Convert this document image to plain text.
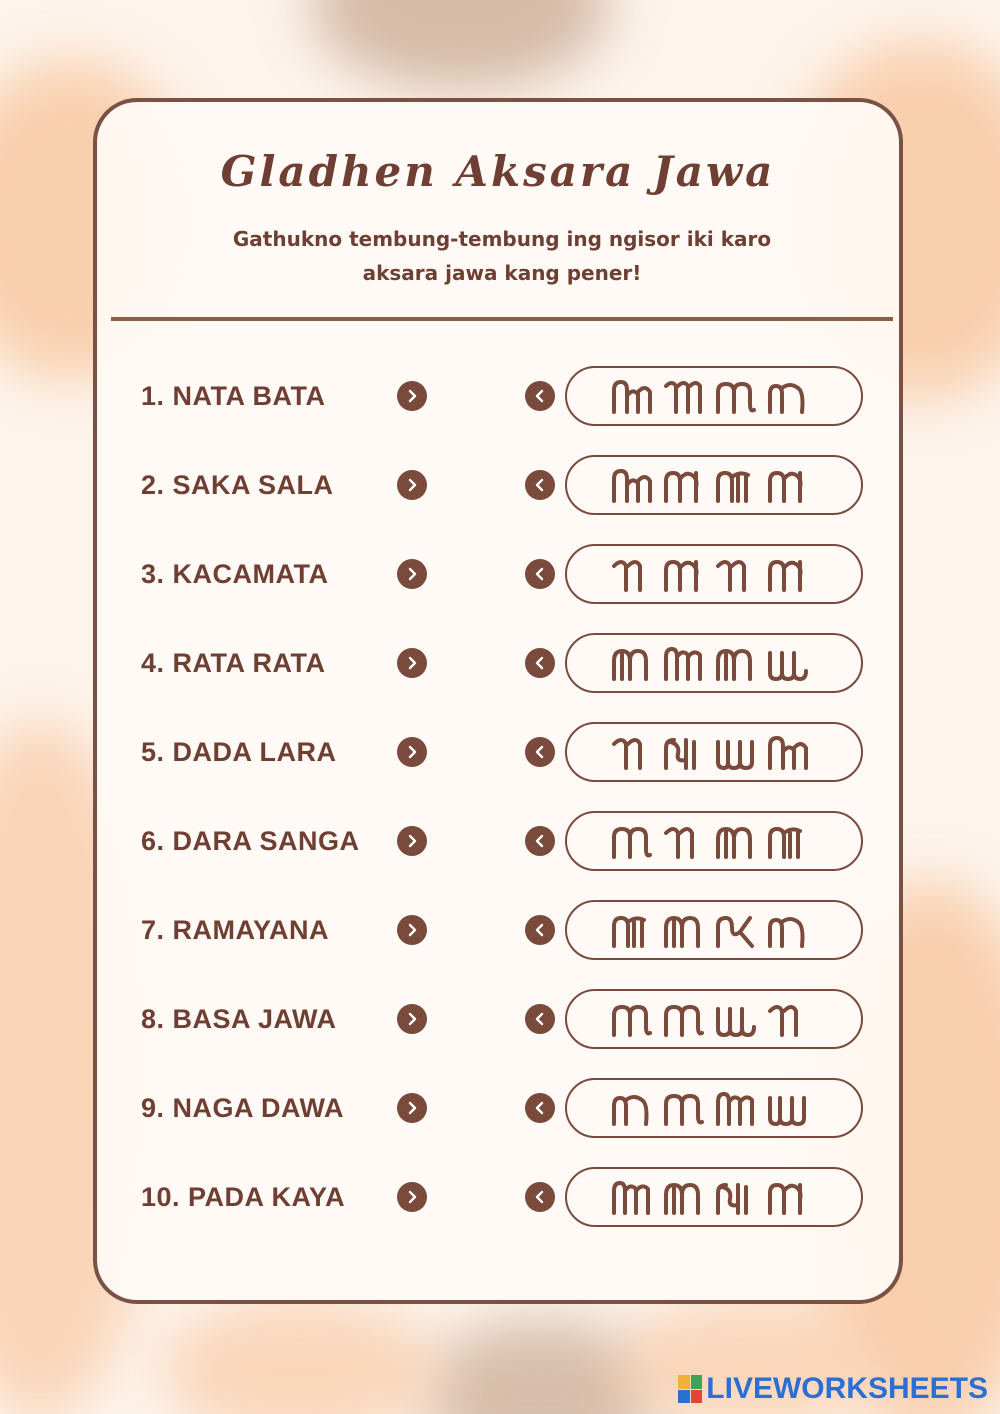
Gladhen Aksara Jawa
Gathukno tembung-tembung ing ngisor iki karo
aksara jawa kang pener!
1. NATA BATA
2. SAKA SALA
3. KACAMATA
4. RATA RATA
5. DADA LARA
6. DARA SANGA
7. RAMAYANA
8. BASA JAWA
9. NAGA DAWA
10. PADA KAYA
LIVEWORKSHEETS
